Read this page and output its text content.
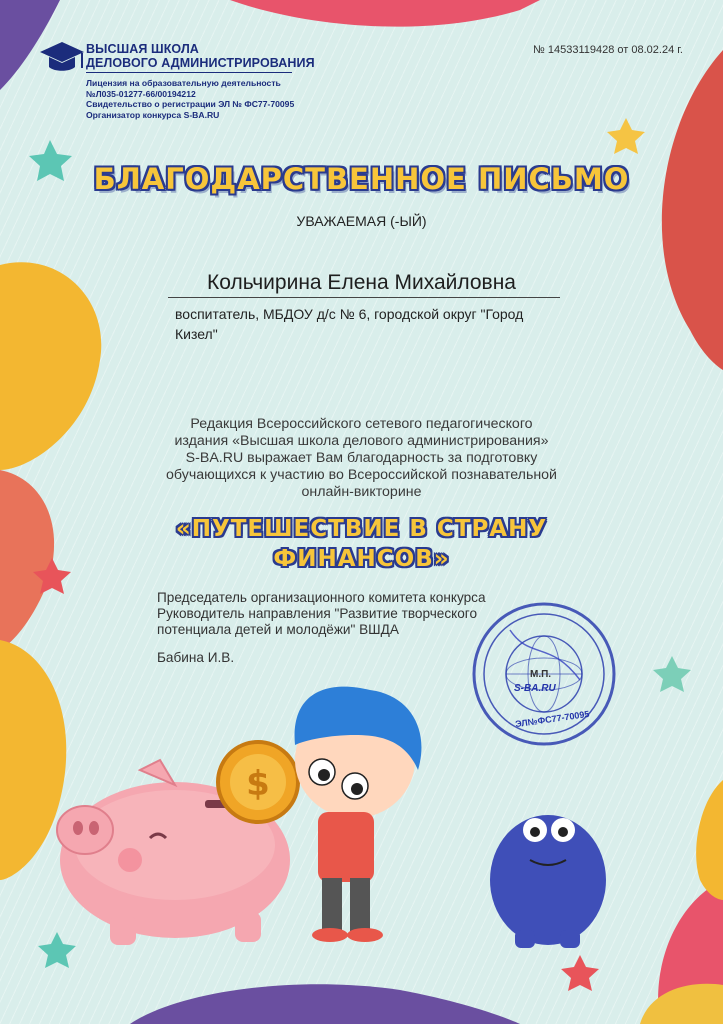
$
ВЫСШАЯ ШКОЛА
ДЕЛОВОГО АДМИНИСТРИРОВАНИЯ
Лицензия на образовательную деятельность
№Л035-01277-66/00194212
Свидетельство о регистрации ЭЛ № ФС77-70095
Организатор конкурса S-BA.RU
№ 14533119428 от 08.02.24 г.
БЛАГОДАРСТВЕННОЕ ПИСЬМО
УВАЖАЕМАЯ (-ЫЙ)
Кольчирина Елена Михайловна
воспитатель, МБДОУ д/с № 6, городской округ "Город
Кизел"
Редакция Всероссийского сетевого педагогического
издания «Высшая школа делового администрирования»
S-BA.RU выражает Вам благодарность за подготовку
обучающихся к участию во Всероссийской познавательной
онлайн-викторине
«ПУТЕШЕСТВИЕ В СТРАНУ
ФИНАНСОВ»
М.П.
S-BA.RU
ЭЛ№ФС77-70095
Председатель организационного комитета конкурса
Руководитель направления "Развитие творческого
потенциала детей и молодёжи" ВШДА
Бабина И.В.
